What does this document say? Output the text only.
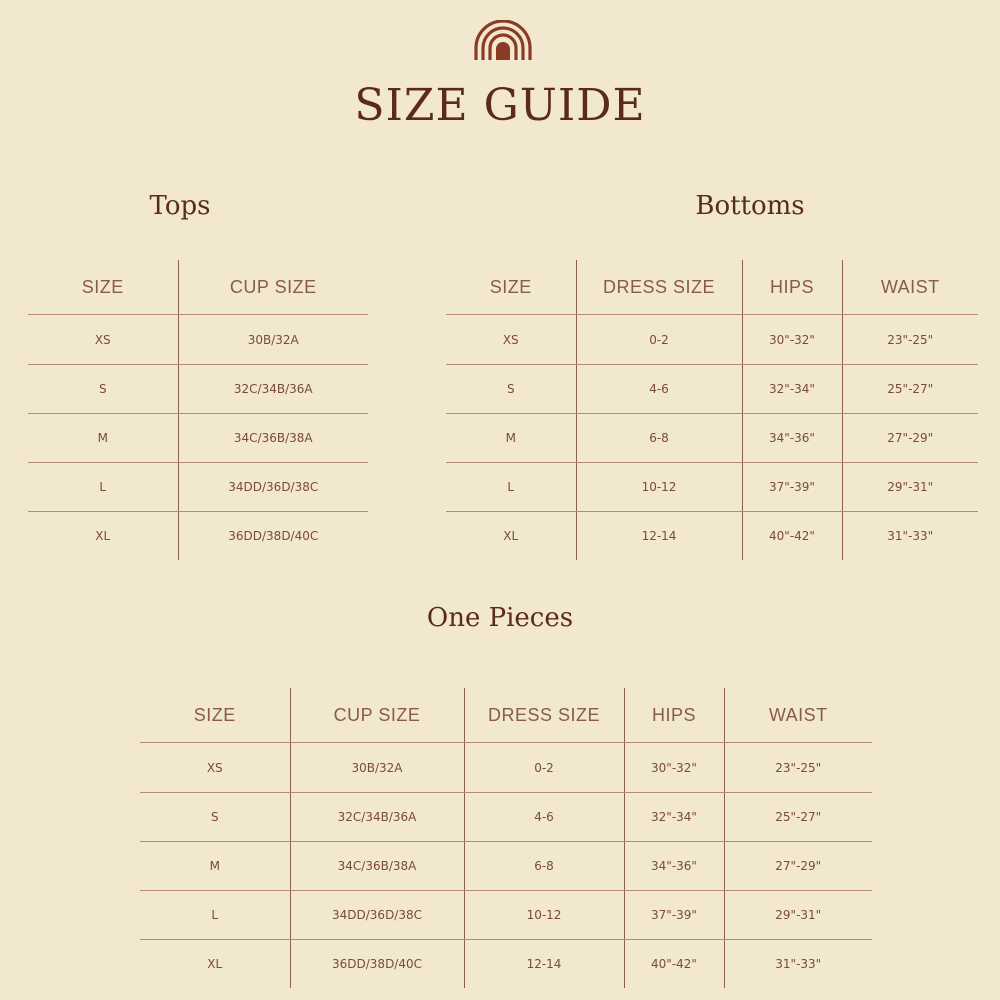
SIZE GUIDE
Tops
SIZE	CUP SIZE
XS	30B/32A
S	32C/34B/36A
M	34C/36B/38A
L	34DD/36D/38C
XL	36DD/38D/40C
Bottoms
SIZE	DRESS SIZE	HIPS	WAIST
XS	0-2	30"-32"	23"-25"
S	4-6	32"-34"	25"-27"
M	6-8	34"-36"	27"-29"
L	10-12	37"-39"	29"-31"
XL	12-14	40"-42"	31"-33"
One Pieces
SIZE	CUP SIZE	DRESS SIZE	HIPS	WAIST
XS	30B/32A	0-2	30"-32"	23"-25"
S	32C/34B/36A	4-6	32"-34"	25"-27"
M	34C/36B/38A	6-8	34"-36"	27"-29"
L	34DD/36D/38C	10-12	37"-39"	29"-31"
XL	36DD/38D/40C	12-14	40"-42"	31"-33"
